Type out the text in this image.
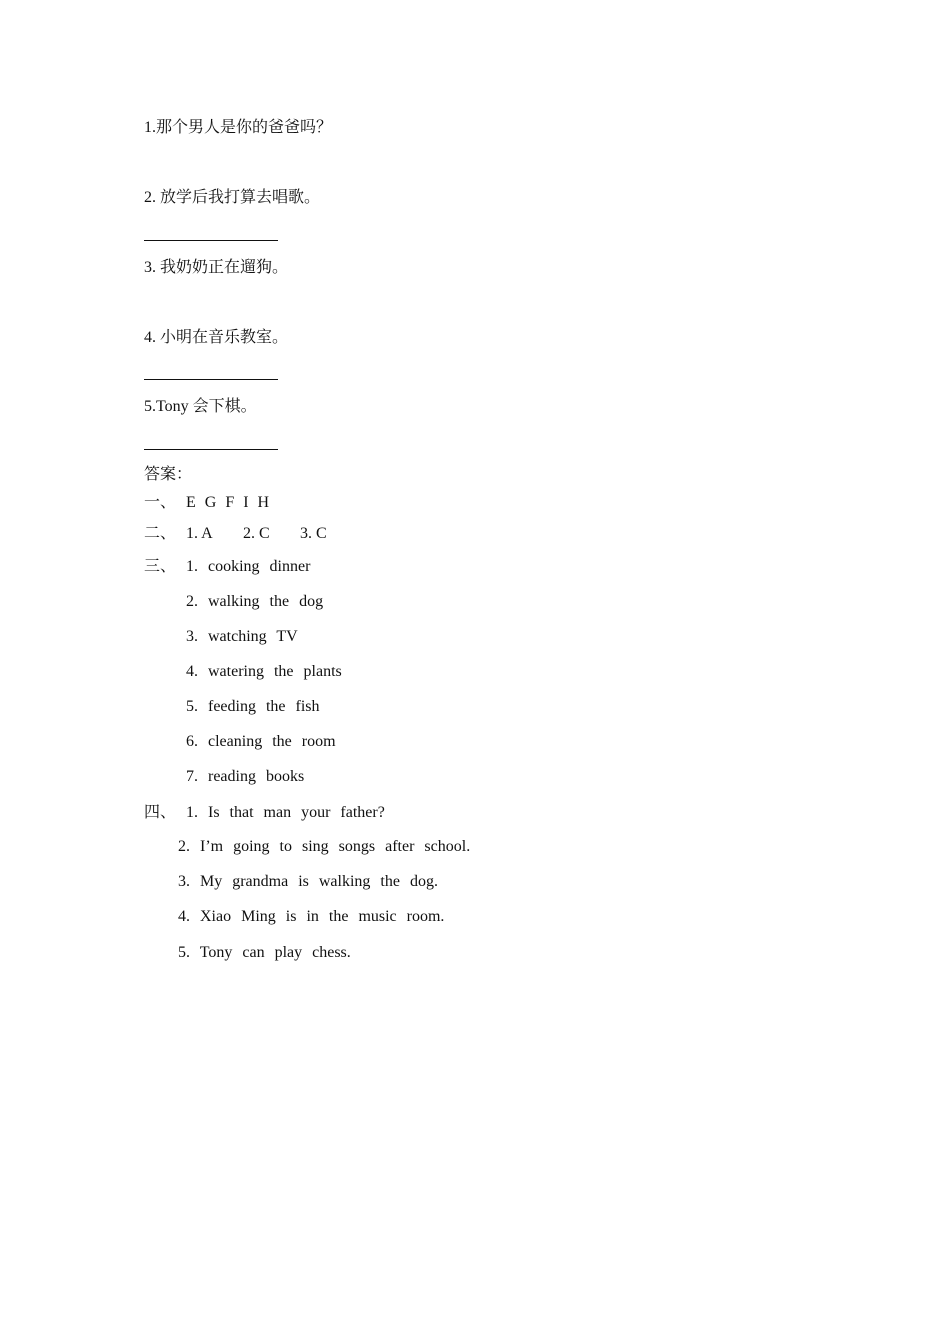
1.那个男人是你的爸爸吗？
2. 放学后我打算去唱歌。
3. 我奶奶正在遛狗。
4. 小明在音乐教室。
5.Tony 会下棋。
答案：
一、 E G F I H
二、 1. A 2. C 3. C
三、 1. cooking dinner
2. walking the dog
3. watching TV
4. watering the plants
5. feeding the fish
6. cleaning the room
7. reading books
四、 1. Is that man your father?
2. I’m going to sing songs after school.
3. My grandma is walking the dog.
4. Xiao Ming is in the music room.
5. Tony can play chess.
